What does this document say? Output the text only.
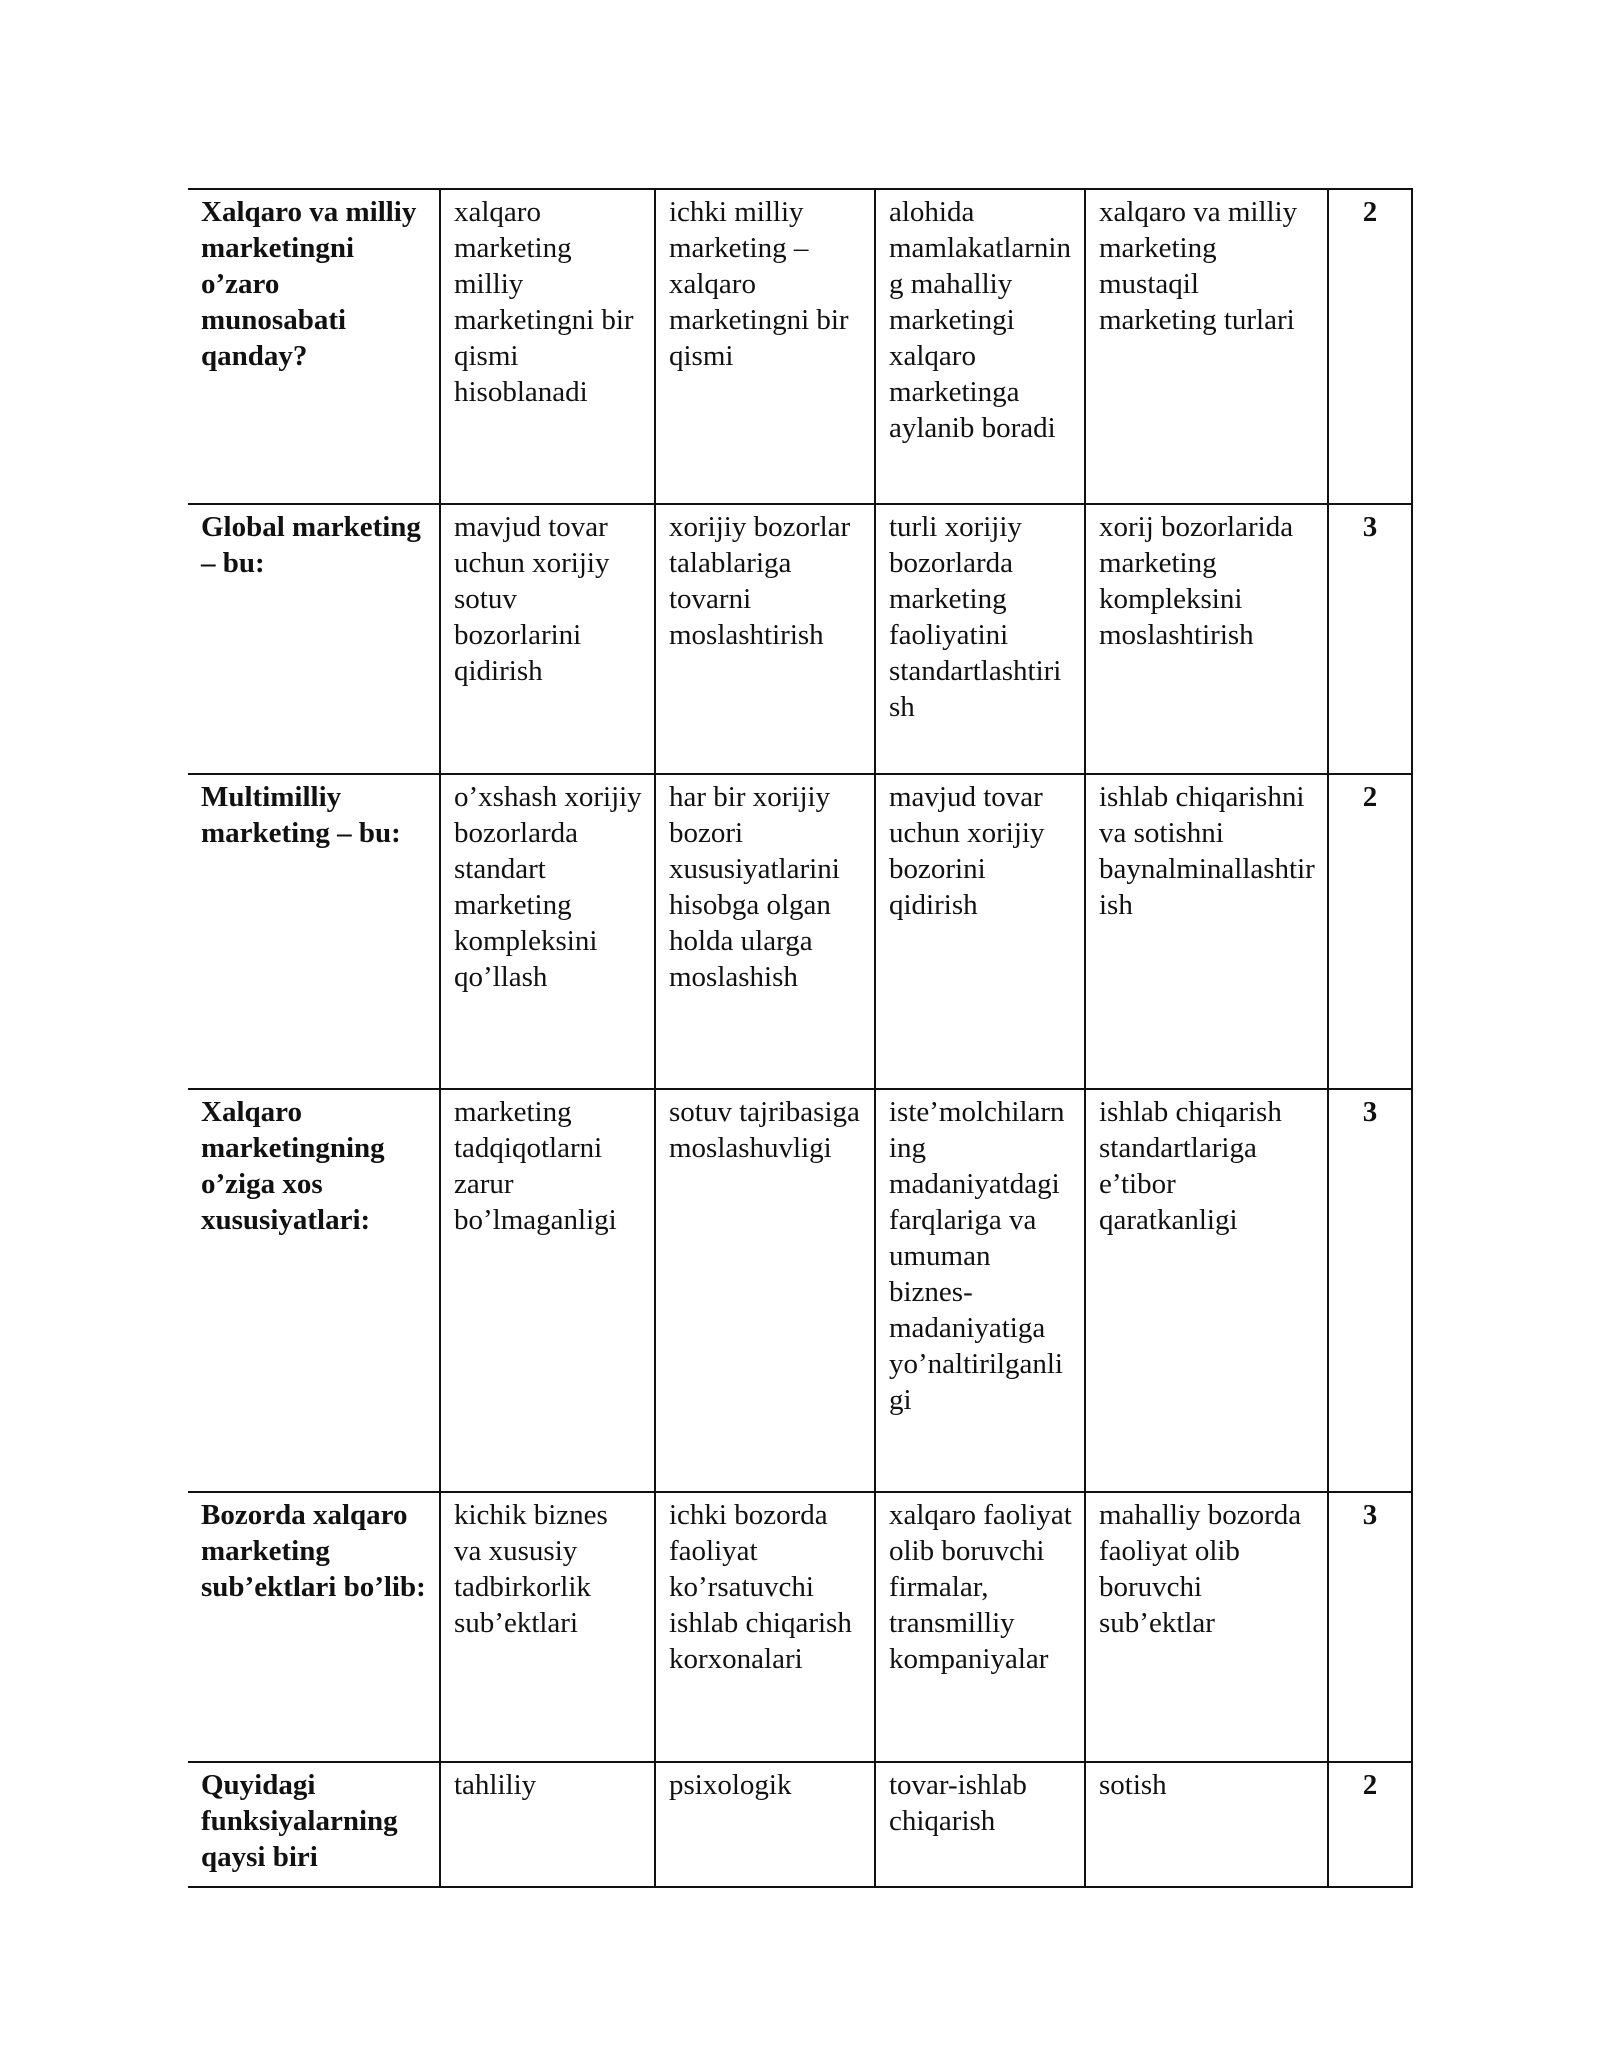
Xalqaro va milliy marketingni o’zaro munosabati qanday?	xalqaro marketing milliy marketingni bir qismi hisoblanadi	ichki milliy marketing – xalqaro marketingni bir qismi	alohida mamlakatlarning mahalliy marketingi xalqaro marketinga aylanib boradi	xalqaro va milliy marketing mustaqil marketing turlari	2
Global marketing – bu:	mavjud tovar uchun xorijiy sotuv bozorlarini qidirish	xorijiy bozorlar talablariga tovarni moslashtirish	turli xorijiy bozorlarda marketing faoliyatini standartlashtirish	xorij bozorlarida marketing kompleksini moslashtirish	3
Multimilliy marketing – bu:	o’xshash xorijiy bozorlarda standart marketing kompleksini qo’llash	har bir xorijiy bozori xususiyatlarini hisobga olgan holda ularga moslashish	mavjud tovar uchun xorijiy bozorini qidirish	ishlab chiqarishni va sotishni baynalminallashtirish	2
Xalqaro marketingning o’ziga xos xususiyatlari:	marketing tadqiqotlarni zarur bo’lmaganligi	sotuv tajribasiga moslashuvligi	iste’molchilarning madaniyatdagi farqlariga va umuman biznes-madaniyatiga yo’naltirilganligi	ishlab chiqarish standartlariga e’tibor qaratkanligi	3
Bozorda xalqaro marketing sub’ektlari bo’lib:	kichik biznes va xususiy tadbirkorlik sub’ektlari	ichki bozorda faoliyat ko’rsatuvchi ishlab chiqarish korxonalari	xalqaro faoliyat olib boruvchi firmalar, transmilliy kompaniyalar	mahalliy bozorda faoliyat olib boruvchi sub’ektlar	3
Quyidagi funksiyalarning qaysi biri	tahliliy	psixologik	tovar-ishlab chiqarish	sotish	2
